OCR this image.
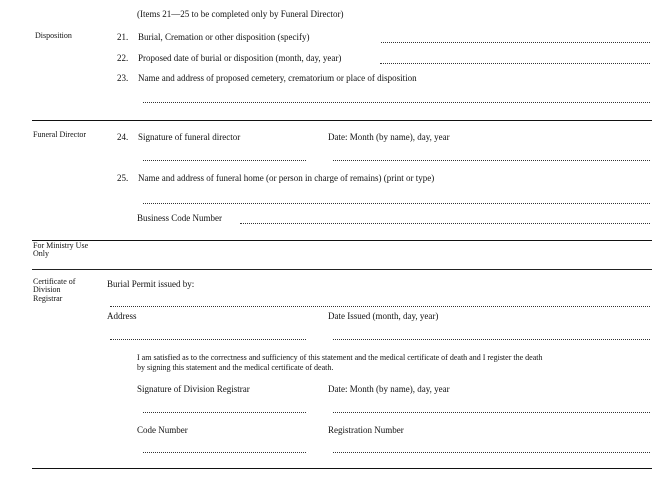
(Items 21—25 to be completed only by Funeral Director)
Disposition	21. Burial, Cremation or other disposition (specify)
22. Proposed date of burial or disposition (month, day, year)
23. Name and address of proposed cemetery, crematorium or place of disposition
Funeral Director	24. Signature of funeral director	Date: Month (by name), day, year
25. Name and address of funeral home (or person in charge of remains) (print or type)
Business Code Number
For Ministry Use
Only
Certificate of
Division
Registrar
Burial Permit issued by:
Address	Date Issued (month, day, year)
I am satisfied as to the correctness and sufficiency of this statement and the medical certificate of death and I register the death
by signing this statement and the medical certificate of death.
Signature of Division Registrar	Date: Month (by name), day, year
Code Number	Registration Number
